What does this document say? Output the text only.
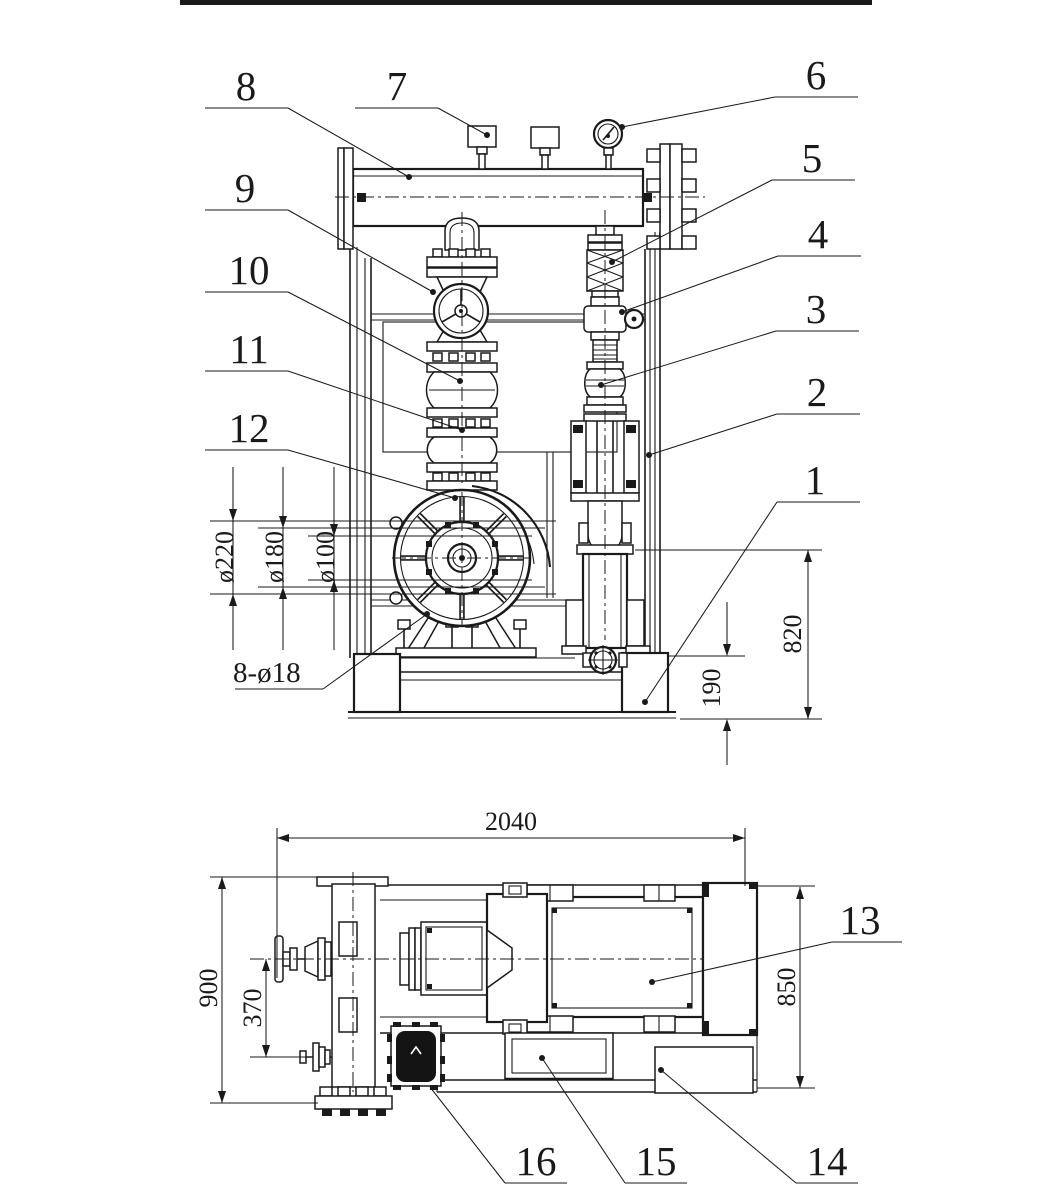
ø220 ø180 ø100
8-ø18
820
190
8	7	6
5
4
3
2
1
9
10
11
12
2040
900
370
850
13
16 15	14
